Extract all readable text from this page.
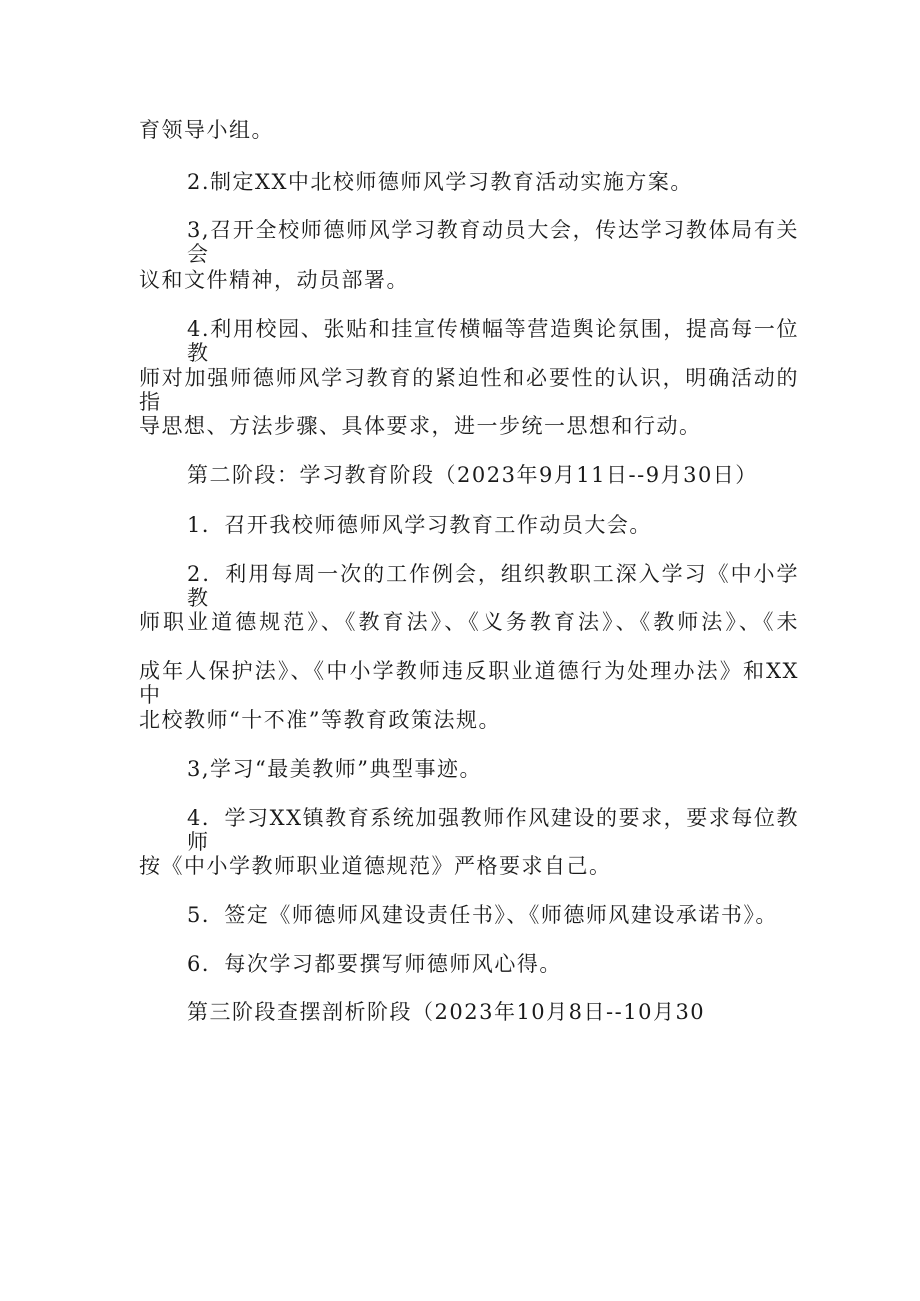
育领导小组。
2.制定XX中北校师德师风学习教育活动实施方案。
3,召开全校师德师风学习教育动员大会，传达学习教体局有关会
议和文件精神，动员部署。
4.利用校园、张贴和挂宣传横幅等营造舆论氛围，提高每一位教
师对加强师德师风学习教育的紧迫性和必要性的认识，明确活动的指
导思想、方法步骤、具体要求，进一步统一思想和行动。
第二阶段：学习教育阶段（2023年9月11日--9月30日）
1．召开我校师德师风学习教育工作动员大会。
2．利用每周一次的工作例会，组织教职工深入学习《中小学教
师职业道德规范》、《教育法》、《义务教育法》、《教师法》、《未
成年人保护法》、《中小学教师违反职业道德行为处理办法》和XX中
北校教师“十不准”等教育政策法规。
3,学习“最美教师”典型事迹。
4．学习XX镇教育系统加强教师作风建设的要求，要求每位教师
按《中小学教师职业道德规范》严格要求自己。
5．签定《师德师风建设责任书》、《师德师风建设承诺书》。
6．每次学习都要撰写师德师风心得。
第三阶段查摆剖析阶段（2023年10月8日--10月30
